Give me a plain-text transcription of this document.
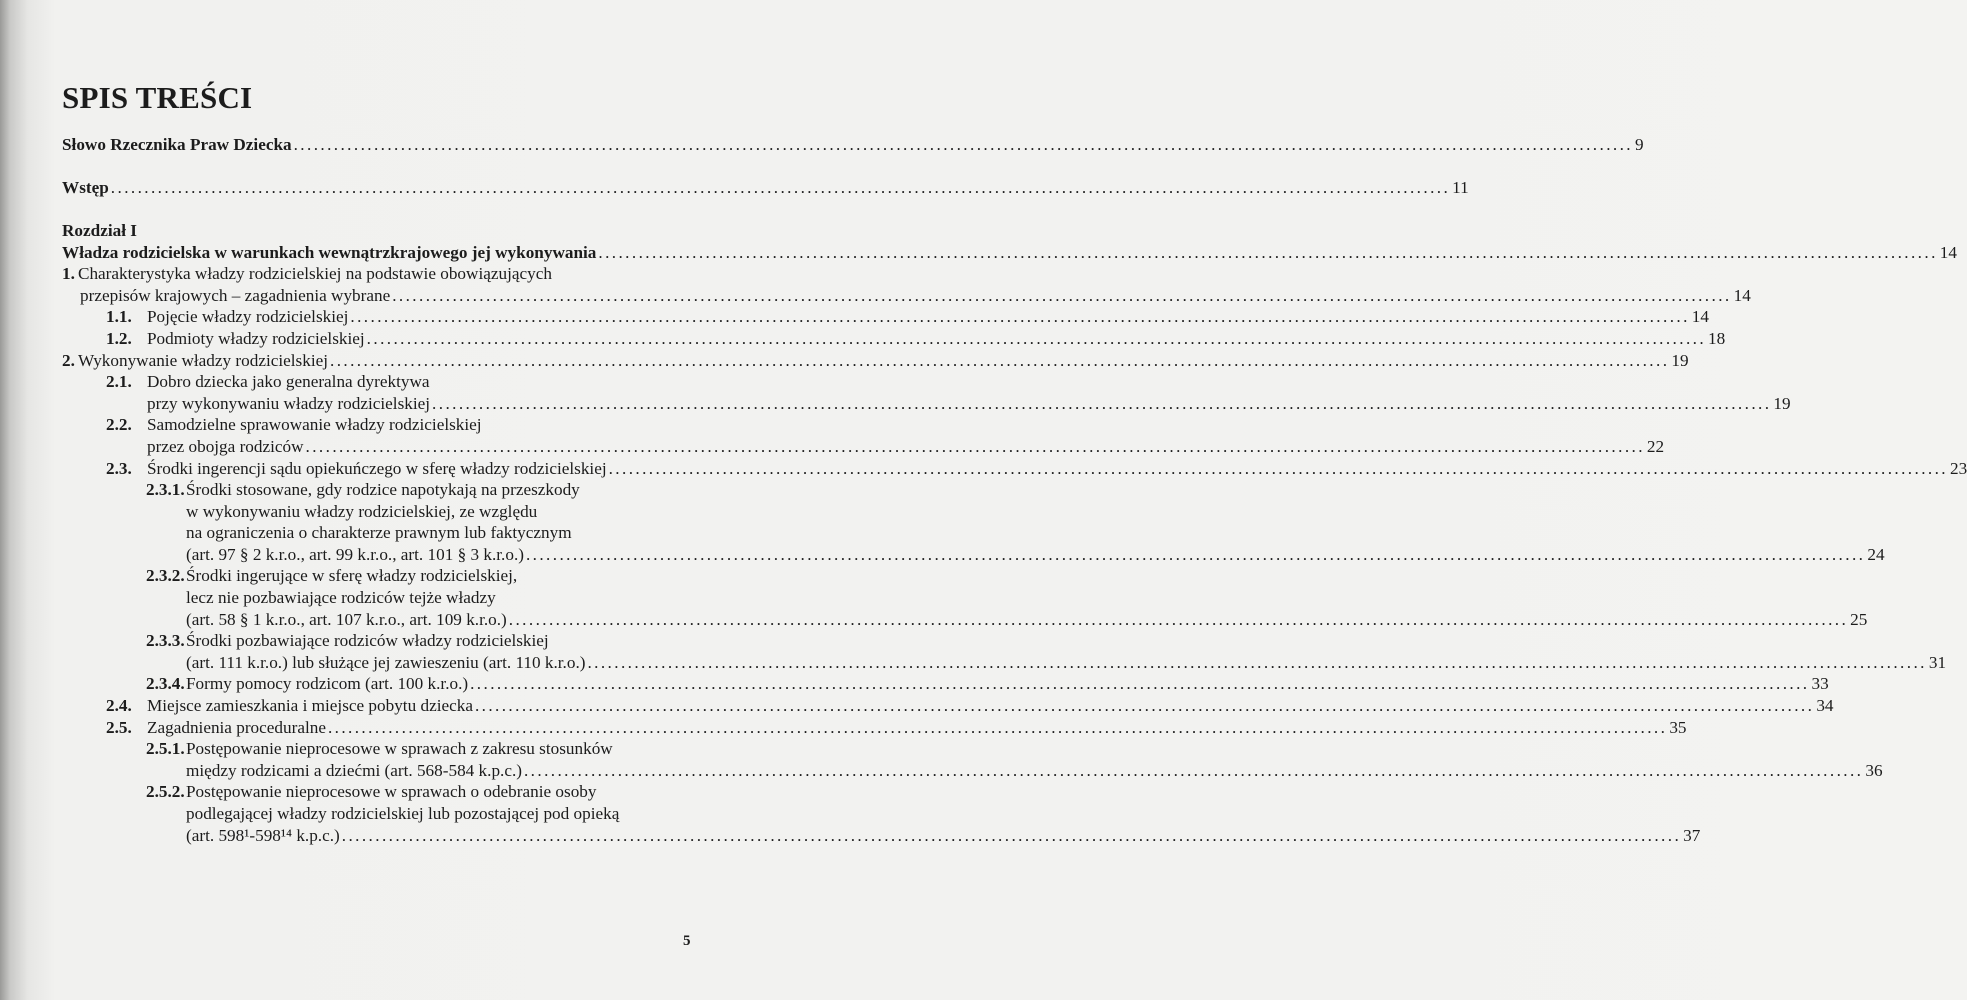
SPIS TREŚCI
Słowo Rzecznika Praw Dziecka ........................................................................................................................................................................................................ 9
Wstęp ........................................................................................................................................................................................................ 11
Rozdział I
Władza rodzicielska w warunkach wewnątrzkrajowego jej wykonywania ........................................................................................................................................................................................................ 14
1. Charakterystyka władzy rodzicielskiej na podstawie obowiązujących
przepisów krajowych – zagadnienia wybrane ........................................................................................................................................................................................................ 14
1.1. Pojęcie władzy rodzicielskiej ........................................................................................................................................................................................................ 14
1.2. Podmioty władzy rodzicielskiej ........................................................................................................................................................................................................ 18
2. Wykonywanie władzy rodzicielskiej ........................................................................................................................................................................................................ 19
2.1. Dobro dziecka jako generalna dyrektywa
przy wykonywaniu władzy rodzicielskiej ........................................................................................................................................................................................................ 19
2.2. Samodzielne sprawowanie władzy rodzicielskiej
przez obojga rodziców ........................................................................................................................................................................................................ 22
2.3. Środki ingerencji sądu opiekuńczego w sferę władzy rodzicielskiej ........................................................................................................................................................................................................ 23
2.3.1. Środki stosowane, gdy rodzice napotykają na przeszkody
w wykonywaniu władzy rodzicielskiej, ze względu
na ograniczenia o charakterze prawnym lub faktycznym
(art. 97 § 2 k.r.o., art. 99 k.r.o., art. 101 § 3 k.r.o.) ........................................................................................................................................................................................................ 24
2.3.2. Środki ingerujące w sferę władzy rodzicielskiej,
lecz nie pozbawiające rodziców tejże władzy
(art. 58 § 1 k.r.o., art. 107 k.r.o., art. 109 k.r.o.) ........................................................................................................................................................................................................ 25
2.3.3. Środki pozbawiające rodziców władzy rodzicielskiej
(art. 111 k.r.o.) lub służące jej zawieszeniu (art. 110 k.r.o.) ........................................................................................................................................................................................................ 31
2.3.4. Formy pomocy rodzicom (art. 100 k.r.o.) ........................................................................................................................................................................................................ 33
2.4. Miejsce zamieszkania i miejsce pobytu dziecka ........................................................................................................................................................................................................ 34
2.5. Zagadnienia proceduralne ........................................................................................................................................................................................................ 35
2.5.1. Postępowanie nieprocesowe w sprawach z zakresu stosunków
między rodzicami a dziećmi (art. 568-584 k.p.c.) ........................................................................................................................................................................................................ 36
2.5.2. Postępowanie nieprocesowe w sprawach o odebranie osoby
podlegającej władzy rodzicielskiej lub pozostającej pod opieką
(art. 598¹-598¹⁴ k.p.c.) ........................................................................................................................................................................................................ 37
5
